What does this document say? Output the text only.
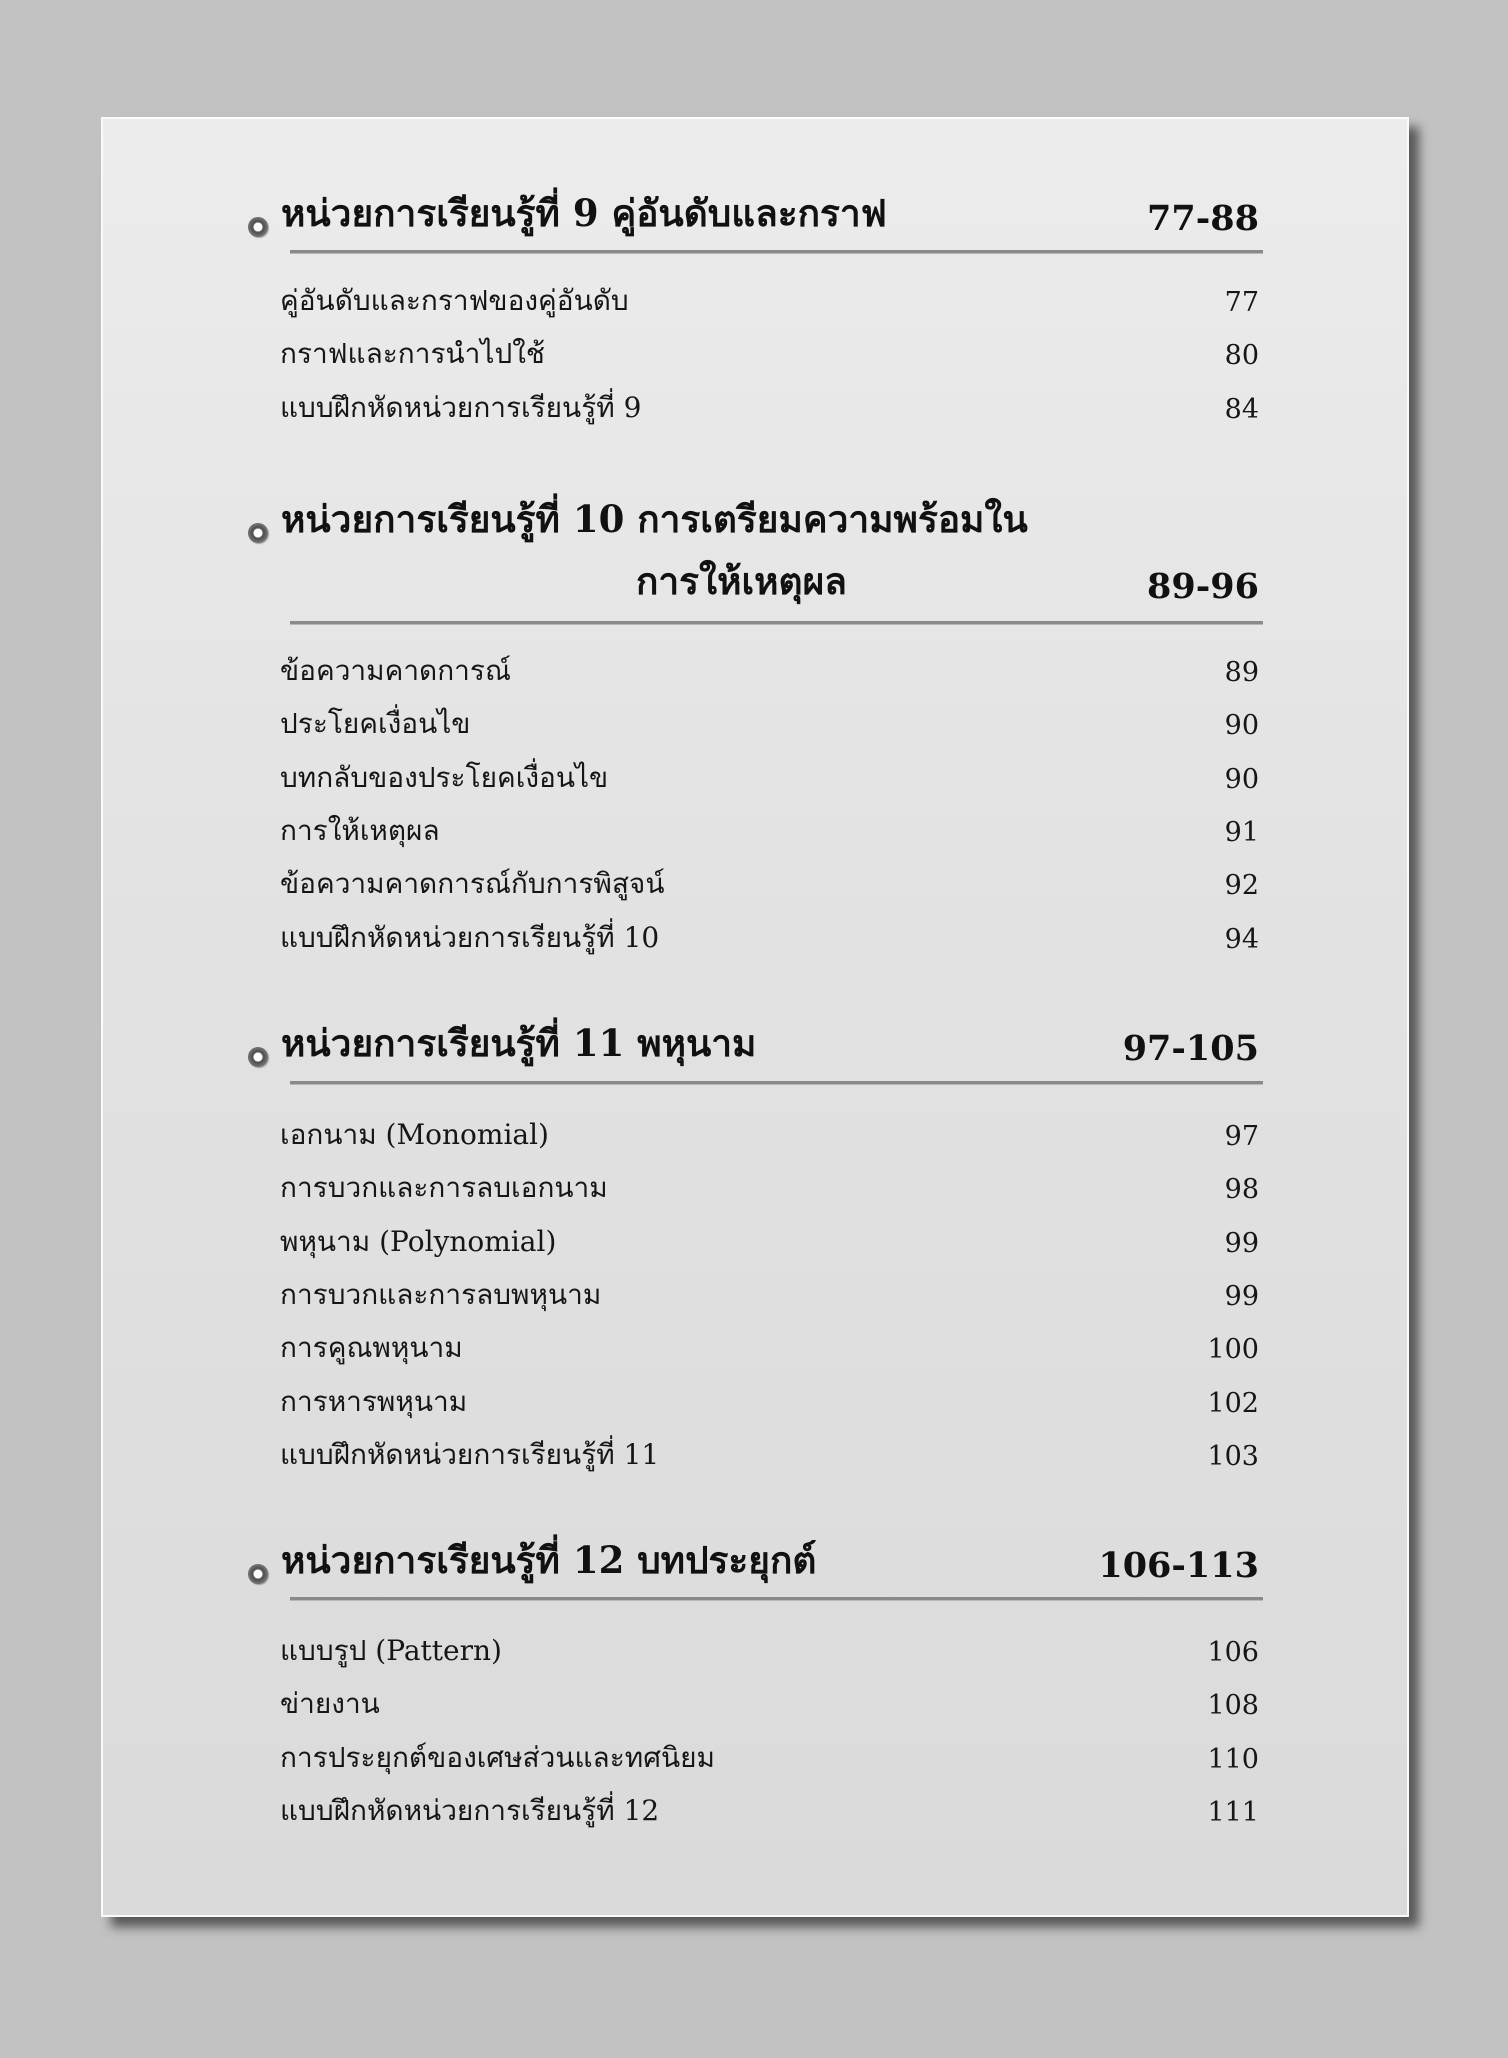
หน่วยการเรียนรู้ที่ 9 คู่อันดับและกราฟ	77-88
คู่อันดับและกราฟของคู่อันดับ	77
กราฟและการนำไปใช้	80
แบบฝึกหัดหน่วยการเรียนรู้ที่ 9	84
หน่วยการเรียนรู้ที่ 10 การเตรียมความพร้อมใน
การให้เหตุผล	89-96
ข้อความคาดการณ์	89
ประโยคเงื่อนไข	90
บทกลับของประโยคเงื่อนไข	90
การให้เหตุผล	91
ข้อความคาดการณ์กับการพิสูจน์	92
แบบฝึกหัดหน่วยการเรียนรู้ที่ 10	94
หน่วยการเรียนรู้ที่ 11 พหุนาม	97-105
เอกนาม (Monomial)	97
การบวกและการลบเอกนาม	98
พหุนาม (Polynomial)	99
การบวกและการลบพหุนาม	99
การคูณพหุนาม	100
การหารพหุนาม	102
แบบฝึกหัดหน่วยการเรียนรู้ที่ 11	103
หน่วยการเรียนรู้ที่ 12 บทประยุกต์	106-113
แบบรูป (Pattern)	106
ข่ายงาน	108
การประยุกต์ของเศษส่วนและทศนิยม	110
แบบฝึกหัดหน่วยการเรียนรู้ที่ 12	111
